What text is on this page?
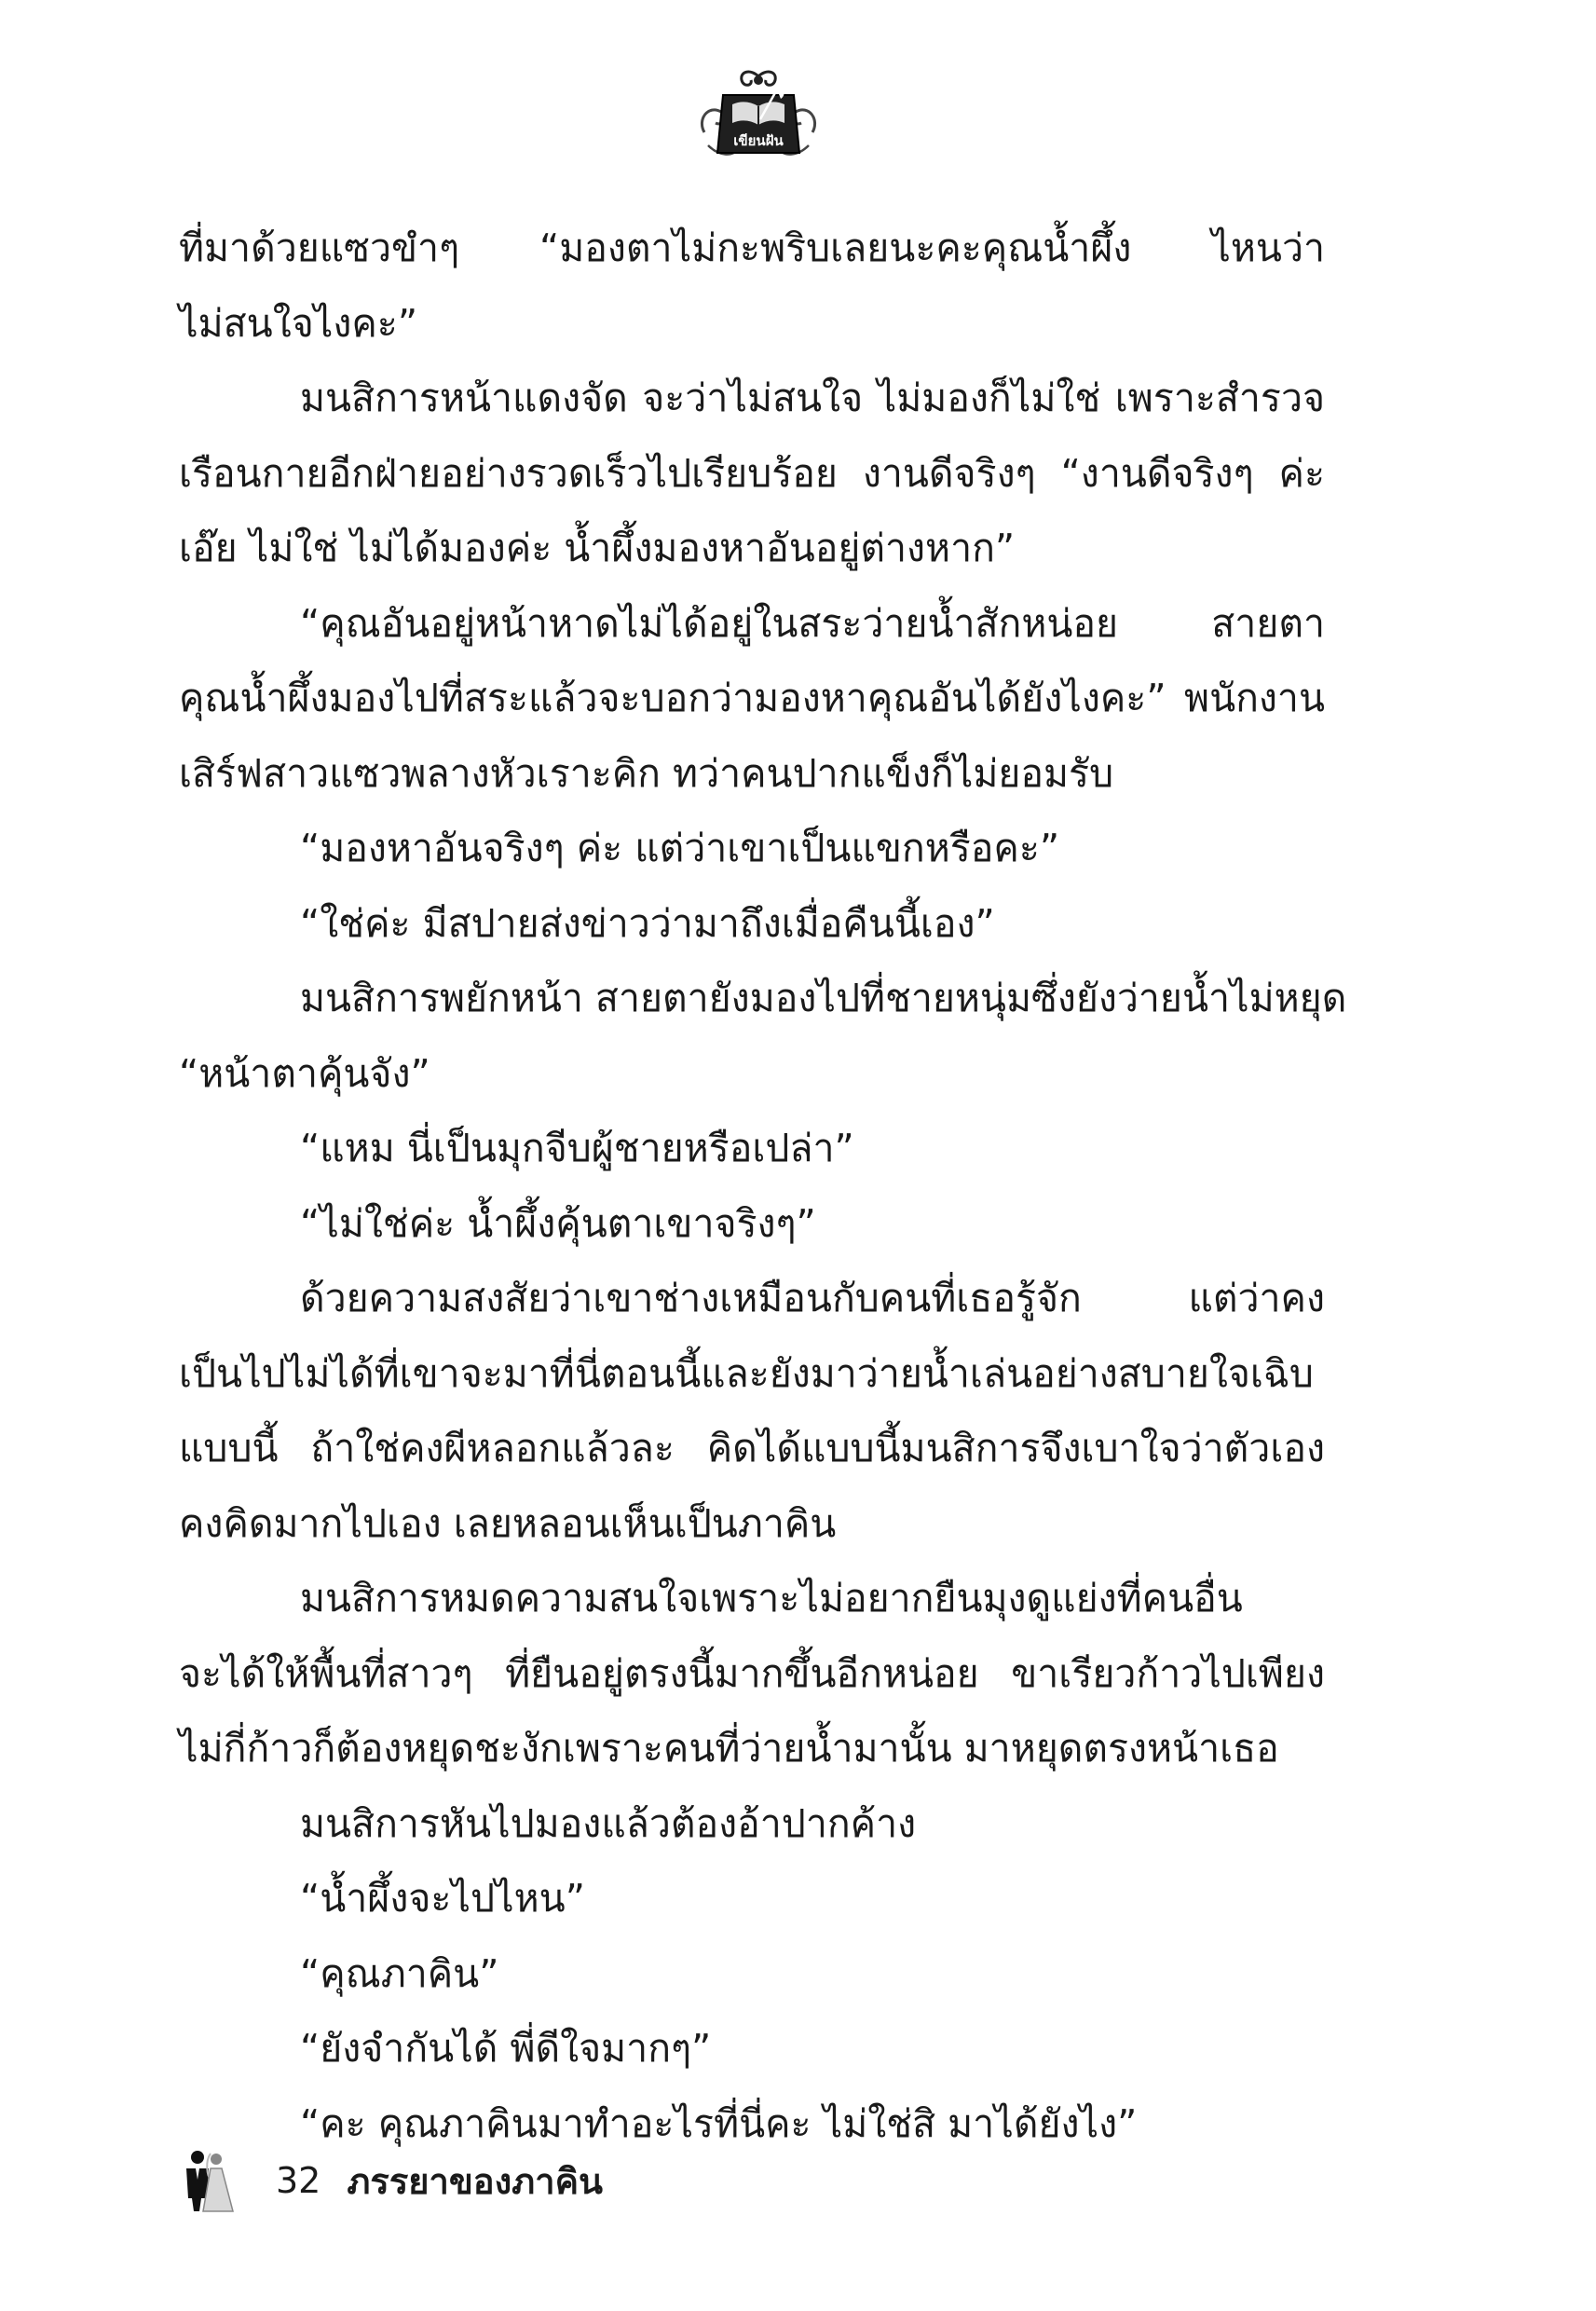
เขียนฝัน
ที่มาด้วยแซวขำๆ “มองตาไม่กะพริบเลยนะคะคุณน้ำผึ้ง ไหนว่า
ไม่สนใจไงคะ”
มนสิการหน้าแดงจัด จะว่าไม่สนใจ ไม่มองก็ไม่ใช่ เพราะสำรวจ
เรือนกายอีกฝ่ายอย่างรวดเร็วไปเรียบร้อย งานดีจริงๆ “งานดีจริงๆ ค่ะ
เอ๊ย ไม่ใช่ ไม่ได้มองค่ะ น้ำผึ้งมองหาอันอยู่ต่างหาก”
“คุณอันอยู่หน้าหาดไม่ได้อยู่ในสระว่ายน้ำสักหน่อย สายตา
คุณน้ำผึ้งมองไปที่สระแล้วจะบอกว่ามองหาคุณอันได้ยังไงคะ” พนักงาน
เสิร์ฟสาวแซวพลางหัวเราะคิก ทว่าคนปากแข็งก็ไม่ยอมรับ
“มองหาอันจริงๆ ค่ะ แต่ว่าเขาเป็นแขกหรือคะ”
“ใช่ค่ะ มีสปายส่งข่าวว่ามาถึงเมื่อคืนนี้เอง”
มนสิการพยักหน้า สายตายังมองไปที่ชายหนุ่มซึ่งยังว่ายน้ำไม่หยุด
“หน้าตาคุ้นจัง”
“แหม นี่เป็นมุกจีบผู้ชายหรือเปล่า”
“ไม่ใช่ค่ะ น้ำผึ้งคุ้นตาเขาจริงๆ”
ด้วยความสงสัยว่าเขาช่างเหมือนกับคนที่เธอรู้จัก แต่ว่าคง
เป็นไปไม่ได้ที่เขาจะมาที่นี่ตอนนี้และยังมาว่ายน้ำเล่นอย่างสบายใจเฉิบ
แบบนี้ ถ้าใช่คงผีหลอกแล้วละ คิดได้แบบนี้มนสิการจึงเบาใจว่าตัวเอง
คงคิดมากไปเอง เลยหลอนเห็นเป็นภาคิน
มนสิการหมดความสนใจเพราะไม่อยากยืนมุงดูแย่งที่คนอื่น
จะได้ให้พื้นที่สาวๆ ที่ยืนอยู่ตรงนี้มากขึ้นอีกหน่อย ขาเรียวก้าวไปเพียง
ไม่กี่ก้าวก็ต้องหยุดชะงักเพราะคนที่ว่ายน้ำมานั้น มาหยุดตรงหน้าเธอ
มนสิการหันไปมองแล้วต้องอ้าปากค้าง
“น้ำผึ้งจะไปไหน”
“คุณภาคิน”
“ยังจำกันได้ พี่ดีใจมากๆ”
“คะ คุณภาคินมาทำอะไรที่นี่คะ ไม่ใช่สิ มาได้ยังไง”
32 ภรรยาของภาคิน
